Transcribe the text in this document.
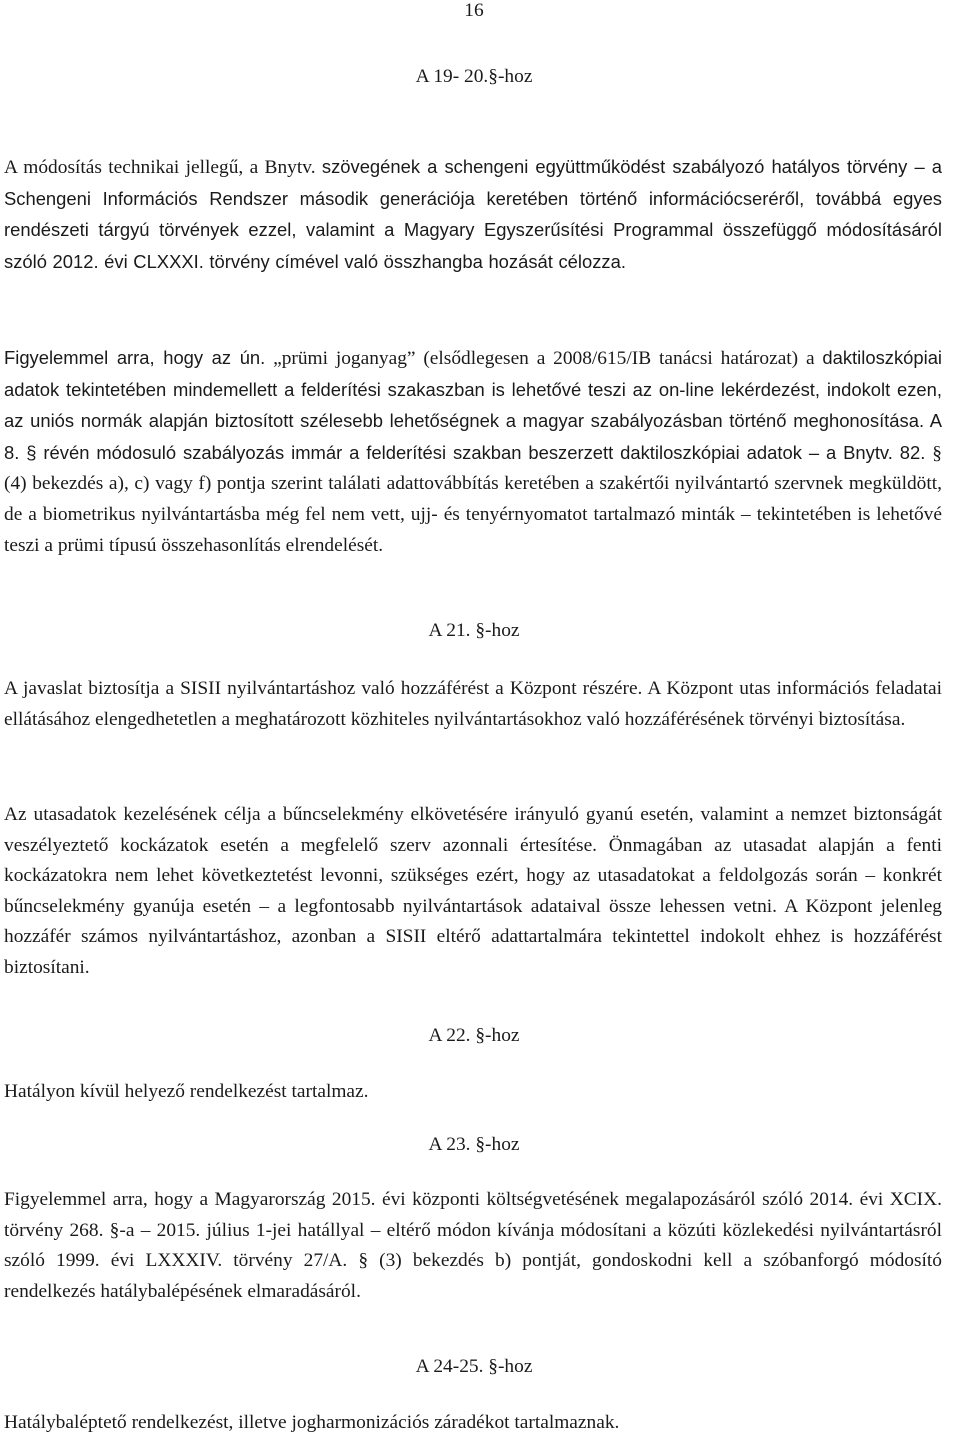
16
A 19- 20.§-hoz

A módosítás technikai jellegű, a Bnytv. szövegének a schengeni együttműködést szabályozó hatályos törvény – a Schengeni Információs Rendszer második generációja keretében történő információcseréről, továbbá egyes rendészeti tárgyú törvények ezzel, valamint a Magyary Egyszerűsítési Programmal összefüggő módosításáról szóló 2012. évi CLXXXI. törvény címével való összhangba hozását célozza.

Figyelemmel arra, hogy az ún. „prümi joganyag” (elsődlegesen a 2008/615/IB tanácsi határozat) a daktiloszkópiai adatok tekintetében mindemellett a felderítési szakaszban is lehetővé teszi az on-line lekérdezést, indokolt ezen, az uniós normák alapján biztosított szélesebb lehetőségnek a magyar szabályozásban történő meghonosítása. A 8. § révén módosuló szabályozás immár a felderítési szakban beszerzett daktiloszkópiai adatok – a Bnytv. 82. § (4) bekezdés a), c) vagy f) pontja szerint találati adattovábbítás keretében a szakértői nyilvántartó szervnek megküldött, de a biometrikus nyilvántartásba még fel nem vett, ujj- és tenyérnyomatot tartalmazó minták – tekintetében is lehetővé teszi a prümi típusú összehasonlítás elrendelését.

A 21. §-hoz

A javaslat biztosítja a SISII nyilvántartáshoz való hozzáférést a Központ részére. A Központ utas információs feladatai ellátásához elengedhetetlen a meghatározott közhiteles nyilvántartásokhoz való hozzáférésének törvényi biztosítása.

Az utasadatok kezelésének célja a bűncselekmény elkövetésére irányuló gyanú esetén, valamint a nemzet biztonságát veszélyeztető kockázatok esetén a megfelelő szerv azonnali értesítése. Önmagában az utasadat alapján a fenti kockázatokra nem lehet következtetést levonni, szükséges ezért, hogy az utasadatokat a feldolgozás során – konkrét bűncselekmény gyanúja esetén – a legfontosabb nyilvántartások adataival össze lehessen vetni. A Központ jelenleg hozzáfér számos nyilvántartáshoz, azonban a SISII eltérő adattartalmára tekintettel indokolt ehhez is hozzáférést biztosítani.

A 22. §-hoz

Hatályon kívül helyező rendelkezést tartalmaz.

A 23. §-hoz

Figyelemmel arra, hogy a Magyarország 2015. évi központi költségvetésének megalapozásáról szóló 2014. évi XCIX. törvény 268. §-a – 2015. július 1-jei hatállyal – eltérő módon kívánja módosítani a közúti közlekedési nyilvántartásról szóló 1999. évi LXXXIV. törvény 27/A. § (3) bekezdés b) pontját, gondoskodni kell a szóbanforgó módosító rendelkezés hatálybalépésének elmaradásáról.

A 24-25. §-hoz

Hatálybaléptető rendelkezést, illetve jogharmonizációs záradékot tartalmaznak.
